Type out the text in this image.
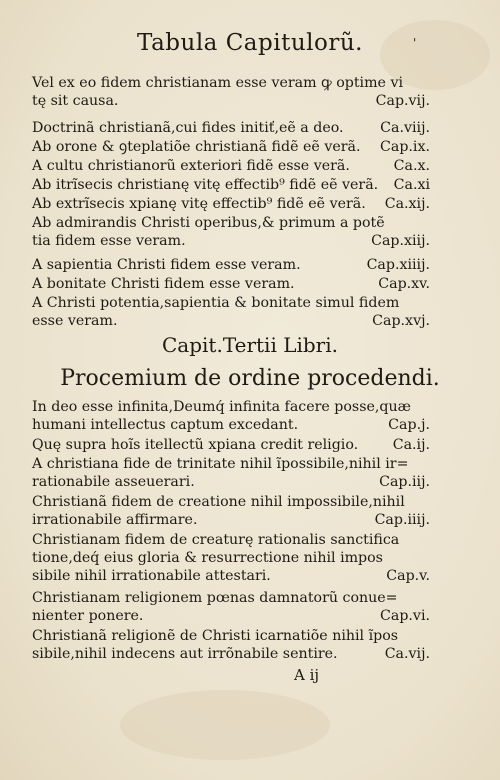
Tabula Capitulorũ.	'
Vel ex eo fidem christianam esse veram ꝙ optime vi
tę sit causa.	Cap.vij.
Doctrinã christianã,cui fides initiť,eẽ a deo.	Ca.viij.
Ab orone & ꝯteplatiõe christianã fidẽ eẽ verã. Cap.ix.
A cultu christianorũ exteriori fidẽ esse verã.	Ca.x.
Ab itrĩsecis christianę vitę effectib⁹ fidẽ eẽ verã. Ca.xi
Ab extrĩsecis xpianę vitę effectib⁹ fidẽ eẽ verã. Ca.xij.
Ab admirandis Christi operibus,& primum a potẽ
tia fidem esse veram.	Cap.xiij.
A sapientia Christi fidem esse veram.	Cap.xiiij.
A bonitate Christi fidem esse veram.	Cap.xv.
A Christi potentia,sapientia & bonitate simul fidem
esse veram.	Cap.xvj.
Capit.Tertii Libri.
Procemium de ordine procedendi.
In deo esse infinita,Deumq́ infinita facere posse,quæ
humani intellectus captum excedant.	Cap.j.
Quę supra hoĩs itellectũ xpiana credit religio. Ca.ij.
A christiana fide de trinitate nihil ĩpossibile,nihil ir=
rationabile asseuerari.	Cap.iij.
Christianã fidem de creatione nihil impossibile,nihil
irrationabile affirmare.	Cap.iiij.
Christianam fidem de creaturę rationalis sanctifica
tione,deq́ eius gloria & resurrectione nihil impos
sibile nihil irrationabile attestari.	Cap.v.
Christianam religionem pœnas damnatorũ conue=
nienter ponere.	Cap.vi.
Christianã religionẽ de Christi icarnatiõe nihil ĩpos
sibile,nihil indecens aut irrõnabile sentire.	Ca.vij.
A ij
